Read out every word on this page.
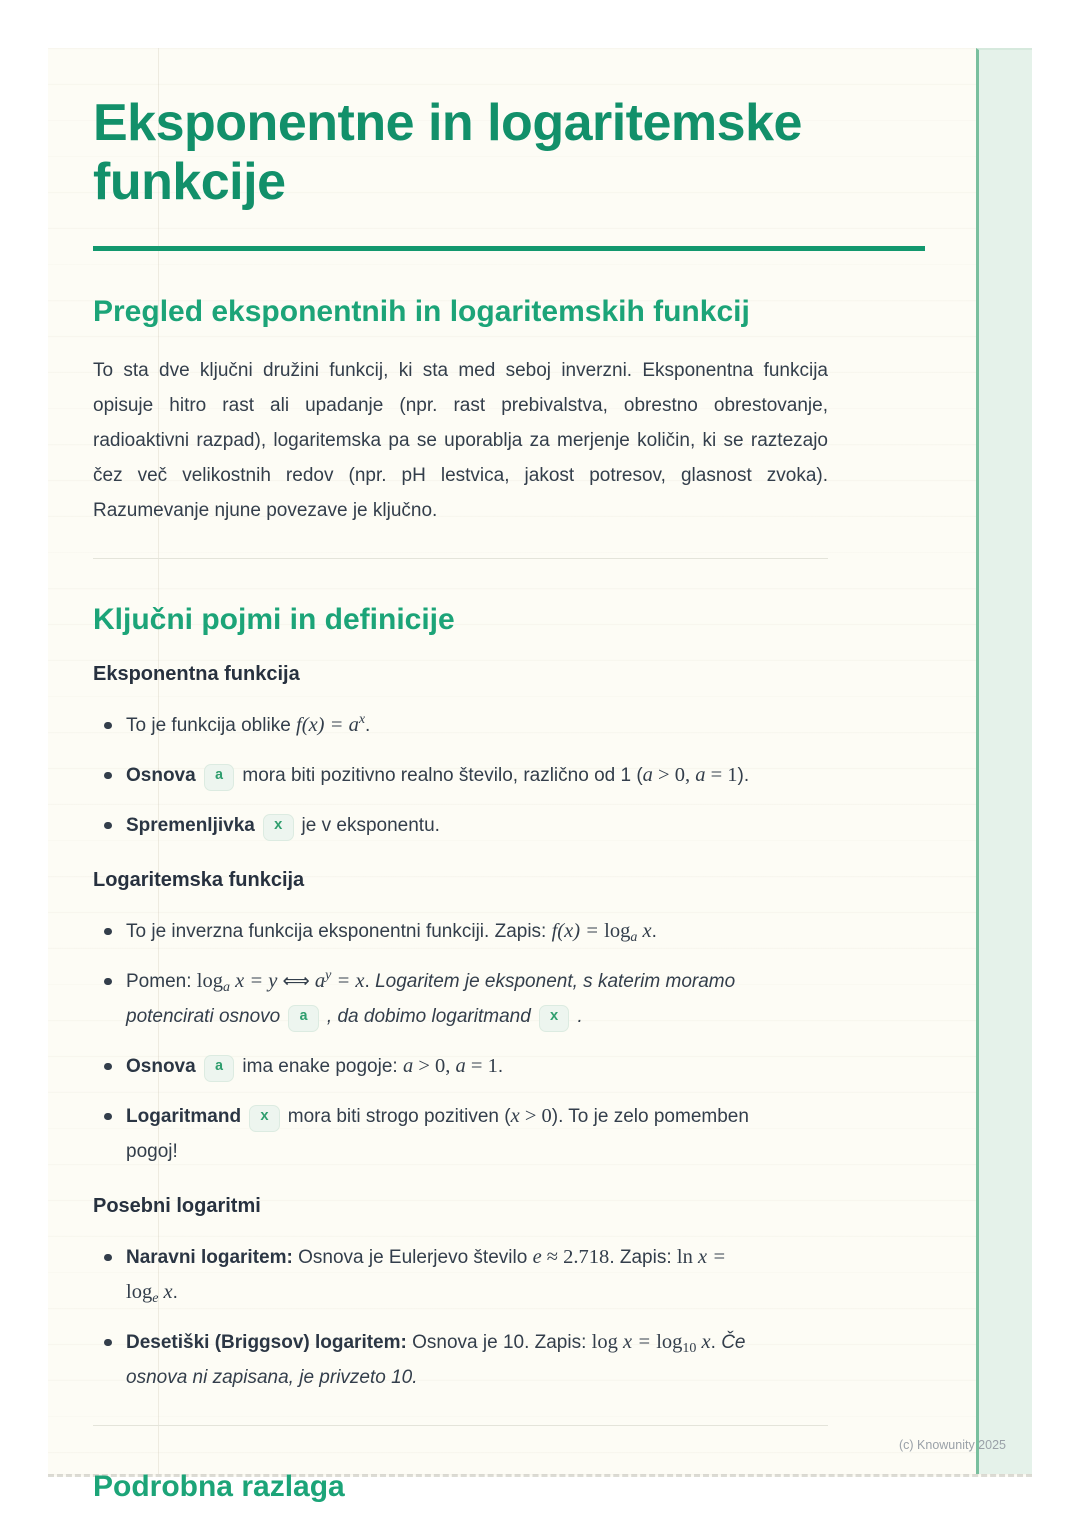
Eksponentne in logaritemske funkcije
Pregled eksponentnih in logaritemskih funkcij

To sta dve ključni družini funkcij, ki sta med seboj inverzni. Eksponentna funkcija opisuje hitro rast ali upadanje (npr. rast prebivalstva, obrestno obrestovanje, radioaktivni razpad), logaritemska pa se uporablja za merjenje količin, ki se raztezajo čez več velikostnih redov (npr. pH lestvica, jakost potresov, glasnost zvoka). Razumevanje njune povezave je ključno.

Ključni pojmi in definicije
Eksponentna funkcija
To je funkcija oblike $f(x) = a^x$.
Osnova a mora biti pozitivno realno število, različno od 1 (a > 0, a = 1).
Spremenljivka x je v eksponentu.
Logaritemska funkcija
To je inverzna funkcija eksponentni funkciji. Zapis: $f(x) = \log_a x$.
Pomen: $\log_a x = y$ ⟺ $a^y = x$. Logaritem je eksponent, s katerim moramo
potencirati osnovo a , da dobimo logaritmand x .
Osnova a ima enake pogoje: a > 0, a = 1.
Logaritmand x mora biti strogo pozitiven (x > 0). To je zelo pomemben
pogoj!
Posebni logaritmi
Naravni logaritem: Osnova je Eulerjevo število e ≈ 2.718. Zapis: ln x =
$\log_e x$.
Desetiški (Briggsov) logaritem: Osnova je 10. Zapis: $\log x = \log_{10} x$. Če
osnova ni zapisana, je privzeto 10.
Podrobna razlaga
(c) Knowunity 2025
